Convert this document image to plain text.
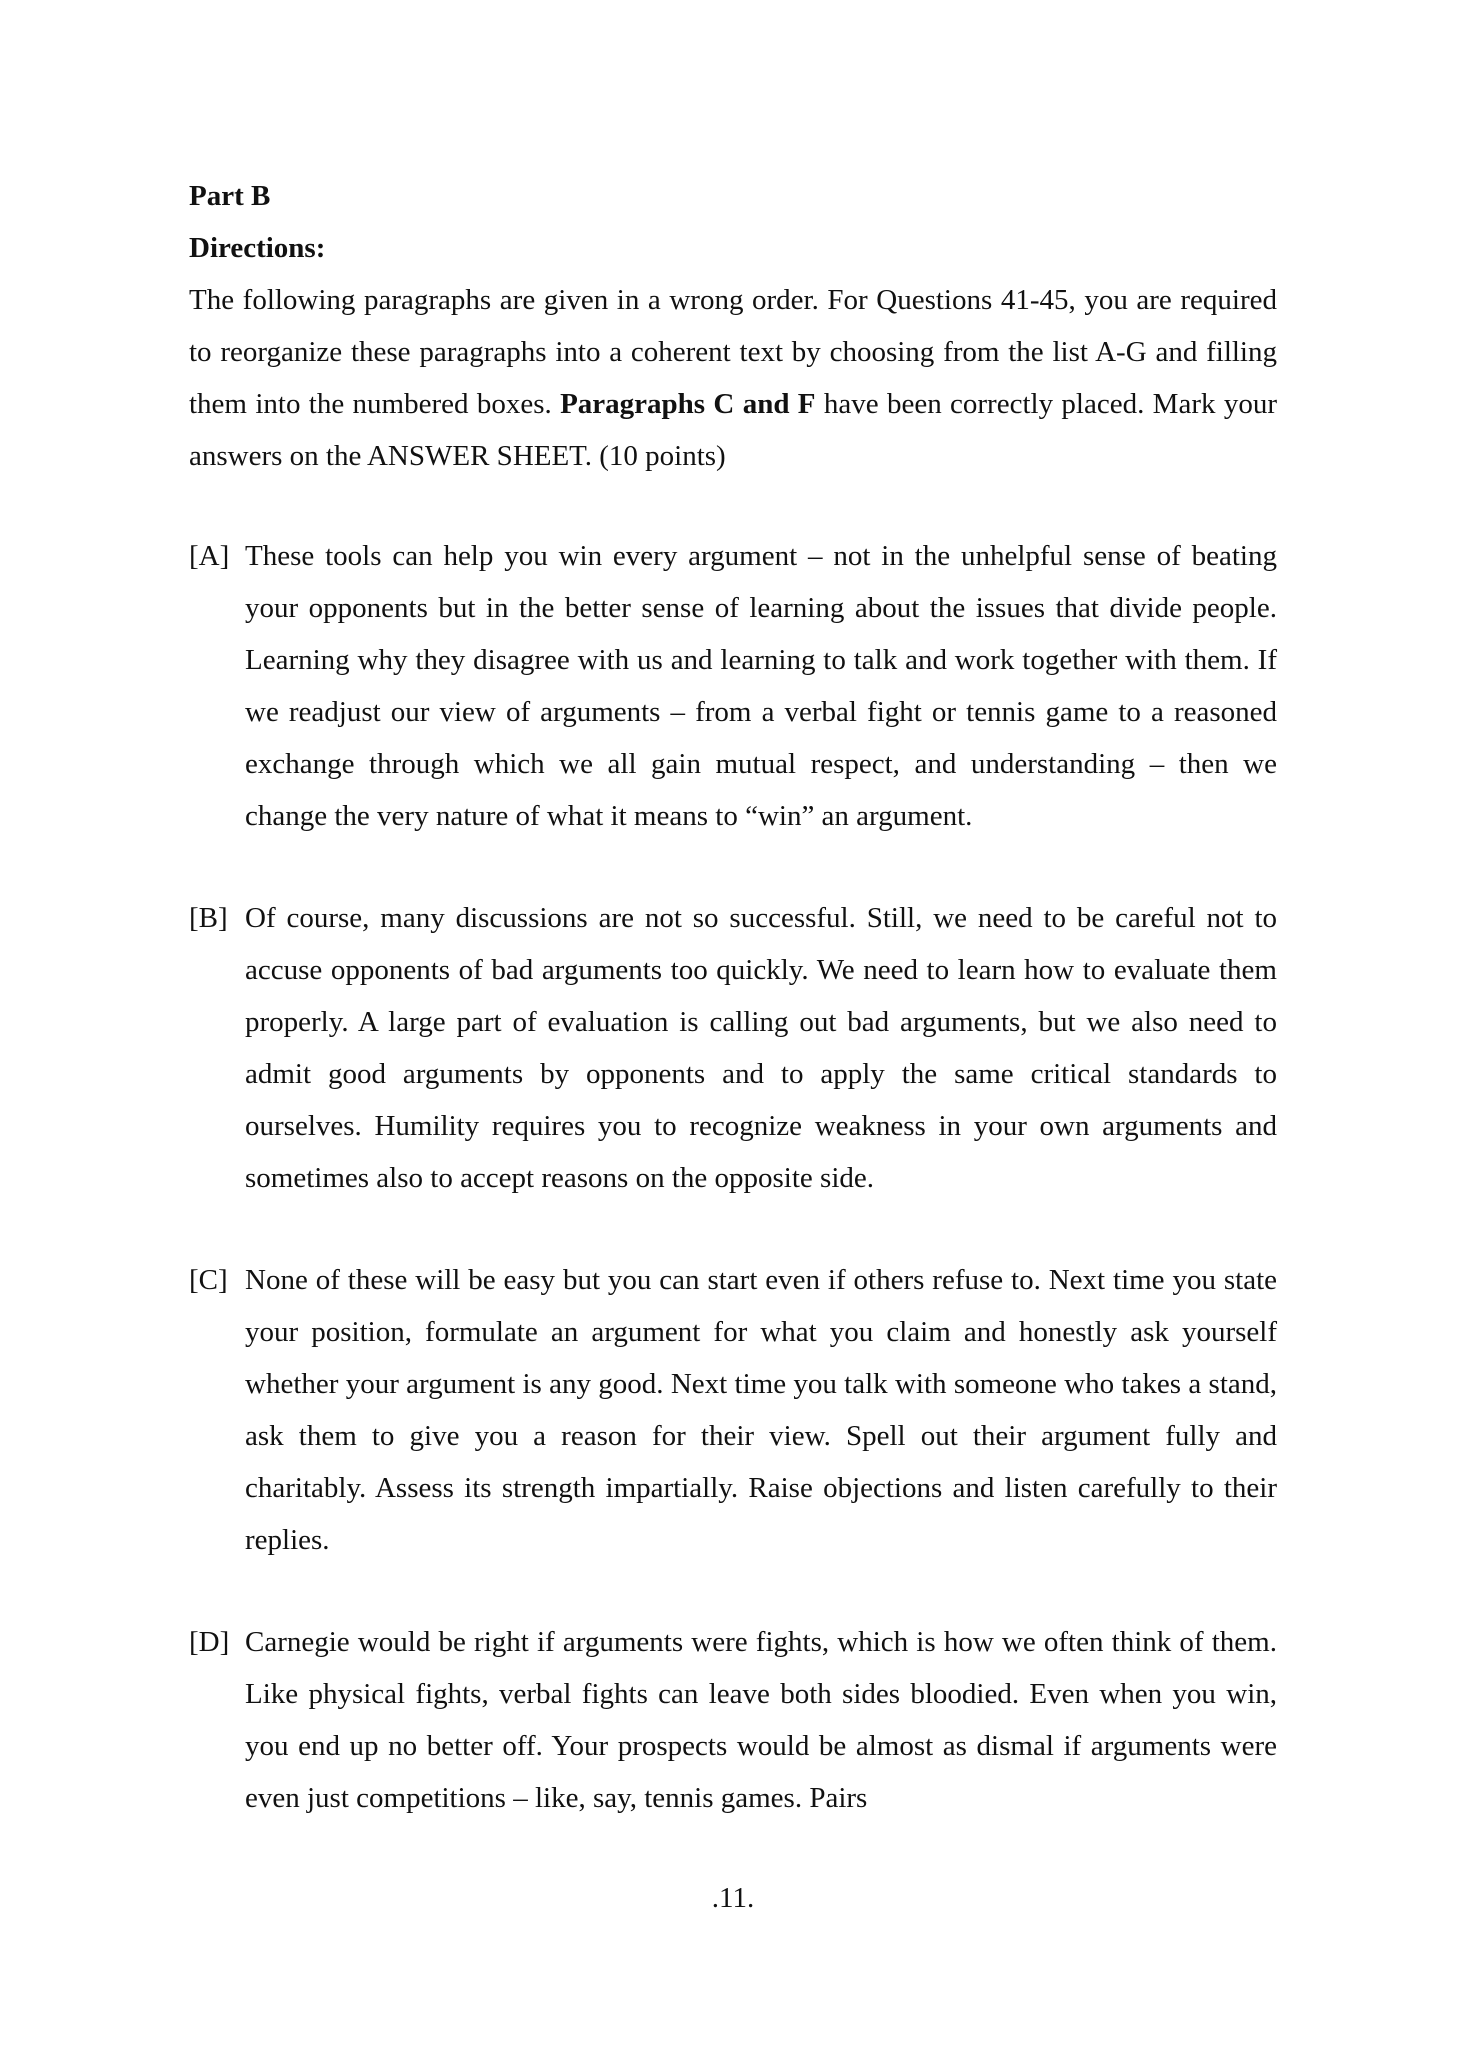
Part B

Directions:

The following paragraphs are given in a wrong order. For Questions 41-45, you are required to reorganize these paragraphs into a coherent text by choosing from the list A-G and filling them into the numbered boxes. Paragraphs C and F have been correctly placed. Mark your answers on the ANSWER SHEET. (10 points)

[A] These tools can help you win every argument – not in the unhelpful sense of beating your opponents but in the better sense of learning about the issues that divide people. Learning why they disagree with us and learning to talk and work together with them. If we readjust our view of arguments – from a verbal fight or tennis game to a reasoned exchange through which we all gain mutual respect, and understanding – then we change the very nature of what it means to “win” an argument.

[B] Of course, many discussions are not so successful. Still, we need to be careful not to accuse opponents of bad arguments too quickly. We need to learn how to evaluate them properly. A large part of evaluation is calling out bad arguments, but we also need to admit good arguments by opponents and to apply the same critical standards to ourselves. Humility requires you to recognize weakness in your own arguments and sometimes also to accept reasons on the opposite side.

[C] None of these will be easy but you can start even if others refuse to. Next time you state your position, formulate an argument for what you claim and honestly ask yourself whether your argument is any good. Next time you talk with someone who takes a stand, ask them to give you a reason for their view. Spell out their argument fully and charitably. Assess its strength impartially. Raise objections and listen carefully to their replies.

[D] Carnegie would be right if arguments were fights, which is how we often think of them. Like physical fights, verbal fights can leave both sides bloodied. Even when you win, you end up no better off. Your prospects would be almost as dismal if arguments were even just competitions – like, say, tennis games. Pairs

.11.
